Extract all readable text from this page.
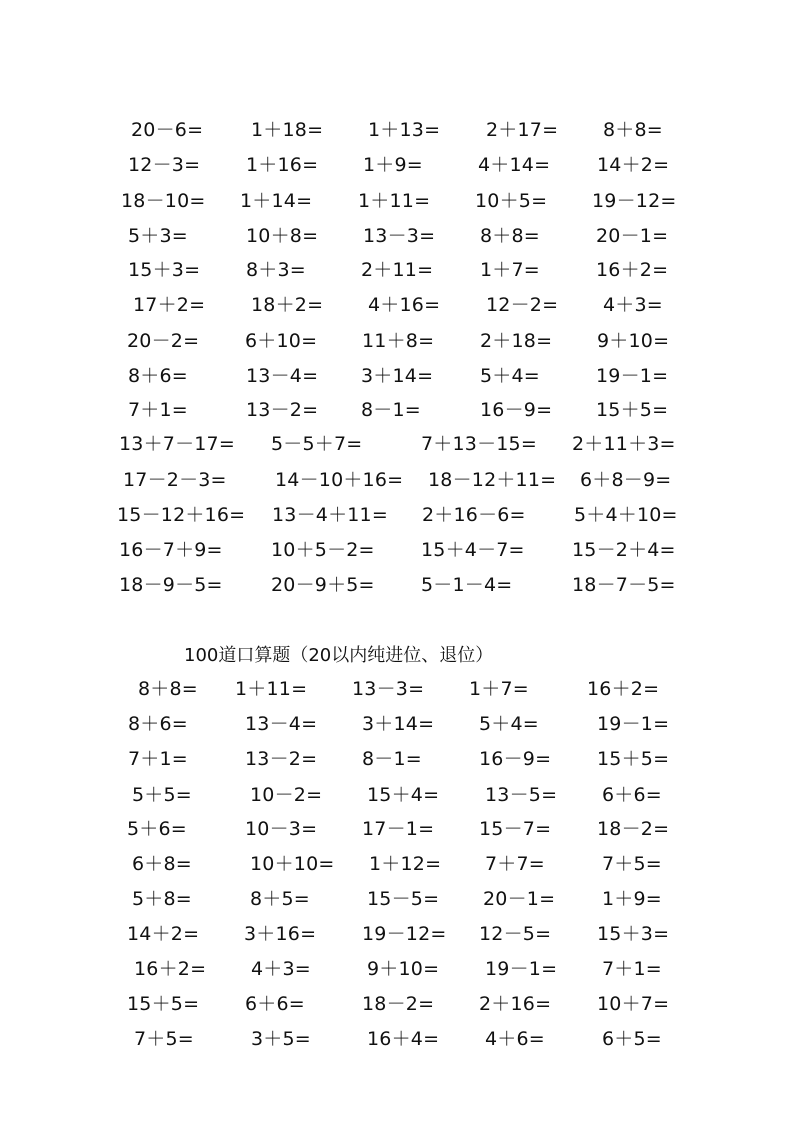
20－6=	1＋18= 1＋13= 2＋17= 8＋8=
12－3= 1＋16= 1＋9=	4＋14= 14＋2=
18－10= 1＋14= 1＋11= 10＋5= 19－12=
5＋3=	10＋8= 13－3= 8＋8=	20－1=
15＋3= 8＋3=	2＋11= 1＋7=	16＋2=
17＋2= 18＋2= 4＋16= 12－2= 4＋3=
20－2= 6＋10= 11＋8= 2＋18= 9＋10=
8＋6=	13－4= 3＋14= 5＋4=	19－1=
7＋1=	13－2= 8－1=	16－9= 15＋5=
13＋7－17= 5－5＋7=	7＋13－15= 2＋11＋3=
17－2－3=	14－10＋16= 18－12＋11= 6＋8－9=
15－12＋16= 13－4＋11= 2＋16－6=	5＋4＋10=
16－7＋9=	10＋5－2= 15＋4－7= 15－2＋4=
18－9－5=	20－9＋5= 5－1－4=	18－7－5=
100道口算题（20以内纯进位、退位）
8＋8= 1＋11= 13－3= 1＋7=	16＋2=
8＋6=	13－4= 3＋14= 5＋4=	19－1=
7＋1=	13－2= 8－1=	16－9= 15＋5=
5＋5=	10－2= 15＋4= 13－5= 6＋6=
5＋6=	10－3= 17－1= 15－7= 18－2=
6＋8=	10＋10= 1＋12= 7＋7=	7＋5=
5＋8=	8＋5=	15－5= 20－1= 1＋9=
14＋2= 3＋16= 19－12= 12－5= 15＋3=
16＋2= 4＋3=	9＋10= 19－1= 7＋1=
15＋5= 6＋6=	18－2= 2＋16= 10＋7=
7＋5=	3＋5=	16＋4= 4＋6=	6＋5=
